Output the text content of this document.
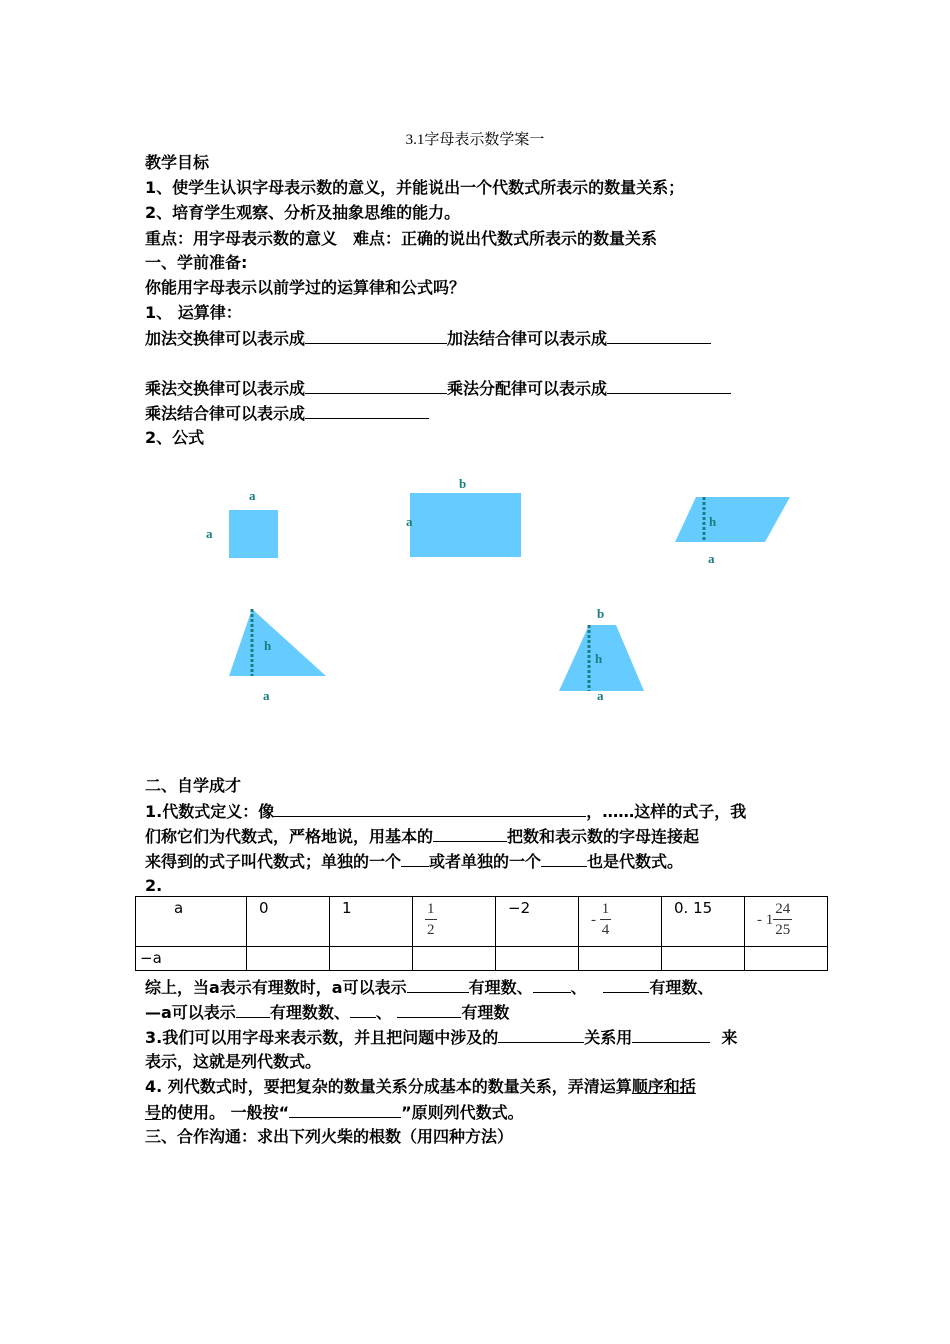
3.1字母表示数学案一
教学目标
1、使学生认识字母表示数的意义，并能说出一个代数式所表示的数量关系；
2、培育学生观察、分析及抽象思维的能力。
重点：用字母表示数的意义　难点：正确的说出代数式所表示的数量关系
一、学前准备:
你能用字母表示以前学过的运算律和公式吗？
1、 运算律：
加法交换律可以表示成	加法结合律可以表示成
乘法交换律可以表示成	乘法分配律可以表示成
乘法结合律可以表示成
2、公式
a
a
b
a	h
a
h
a
b
h
a
二、自学成才
1.代数式定义：像	，……这样的式子，我
们称它们为代数式，严格地说，用基本的	把数和表示数的字母连接起
来得到的式子叫代数式；单独的一个 或者单独的一个	也是代数式。
2.
a	0	1	$\frac{1}{2}$	−2	- $\frac{1}{4}$	0. 15	- $1 \frac{24}{25}$

−a							
综上，当a表示有理数时，a可以表示	有理数、 、	有理数、
—a可以表示 有理数数、 、	有理数
3.我们可以用字母来表示数，并且把问题中涉及的	关系用	来
表示，这就是列代数式。
4. 列代数式时，要把复杂的数量关系分成基本的数量关系，弄清运算顺序和括
号的使用。 一般按“	”原则列代数式。
三、合作沟通：求出下列火柴的根数（用四种方法）
